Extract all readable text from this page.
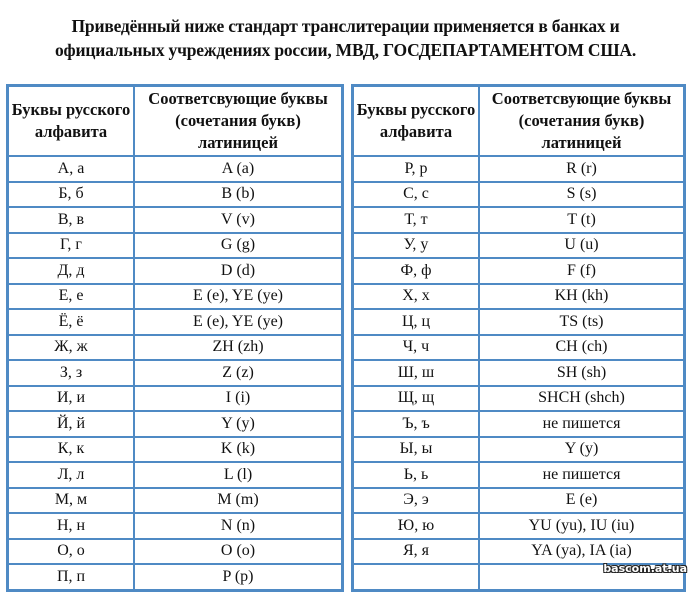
Приведённый ниже стандарт транслитерации применяется в банках и
официальных учреждениях россии, МВД, ГОСДЕПАРТАМЕНТОМ США.
Буквы русского алфавита	Соответсвующие буквы (сочетания букв) латиницей
А, а	A (a)
Б, б	B (b)
В, в	V (v)
Г, г	G (g)
Д, д	D (d)
Е, е	E (e), YE (ye)
Ё, ё	E (e), YE (ye)
Ж, ж	ZH (zh)
З, з	Z (z)
И, и	I (i)
Й, й	Y (y)
К, к	K (k)
Л, л	L (l)
М, м	M (m)
Н, н	N (n)
О, о	O (o)
П, п	P (p)
Буквы русского алфавита	Соответсвующие буквы (сочетания букв) латиницей
Р, р	R (r)
С, с	S (s)
Т, т	T (t)
У, у	U (u)
Ф, ф	F (f)
Х, х	KH (kh)
Ц, ц	TS (ts)
Ч, ч	CH (ch)
Ш, ш	SH (sh)
Щ, щ	SHCH (shch)
Ъ, ъ	не пишется
Ы, ы	Y (y)
Ь, ь	не пишется
Э, э	E (e)
Ю, ю	YU (yu), IU (iu)
Я, я	YA (ya), IA (ia)

bascom.at.ua
